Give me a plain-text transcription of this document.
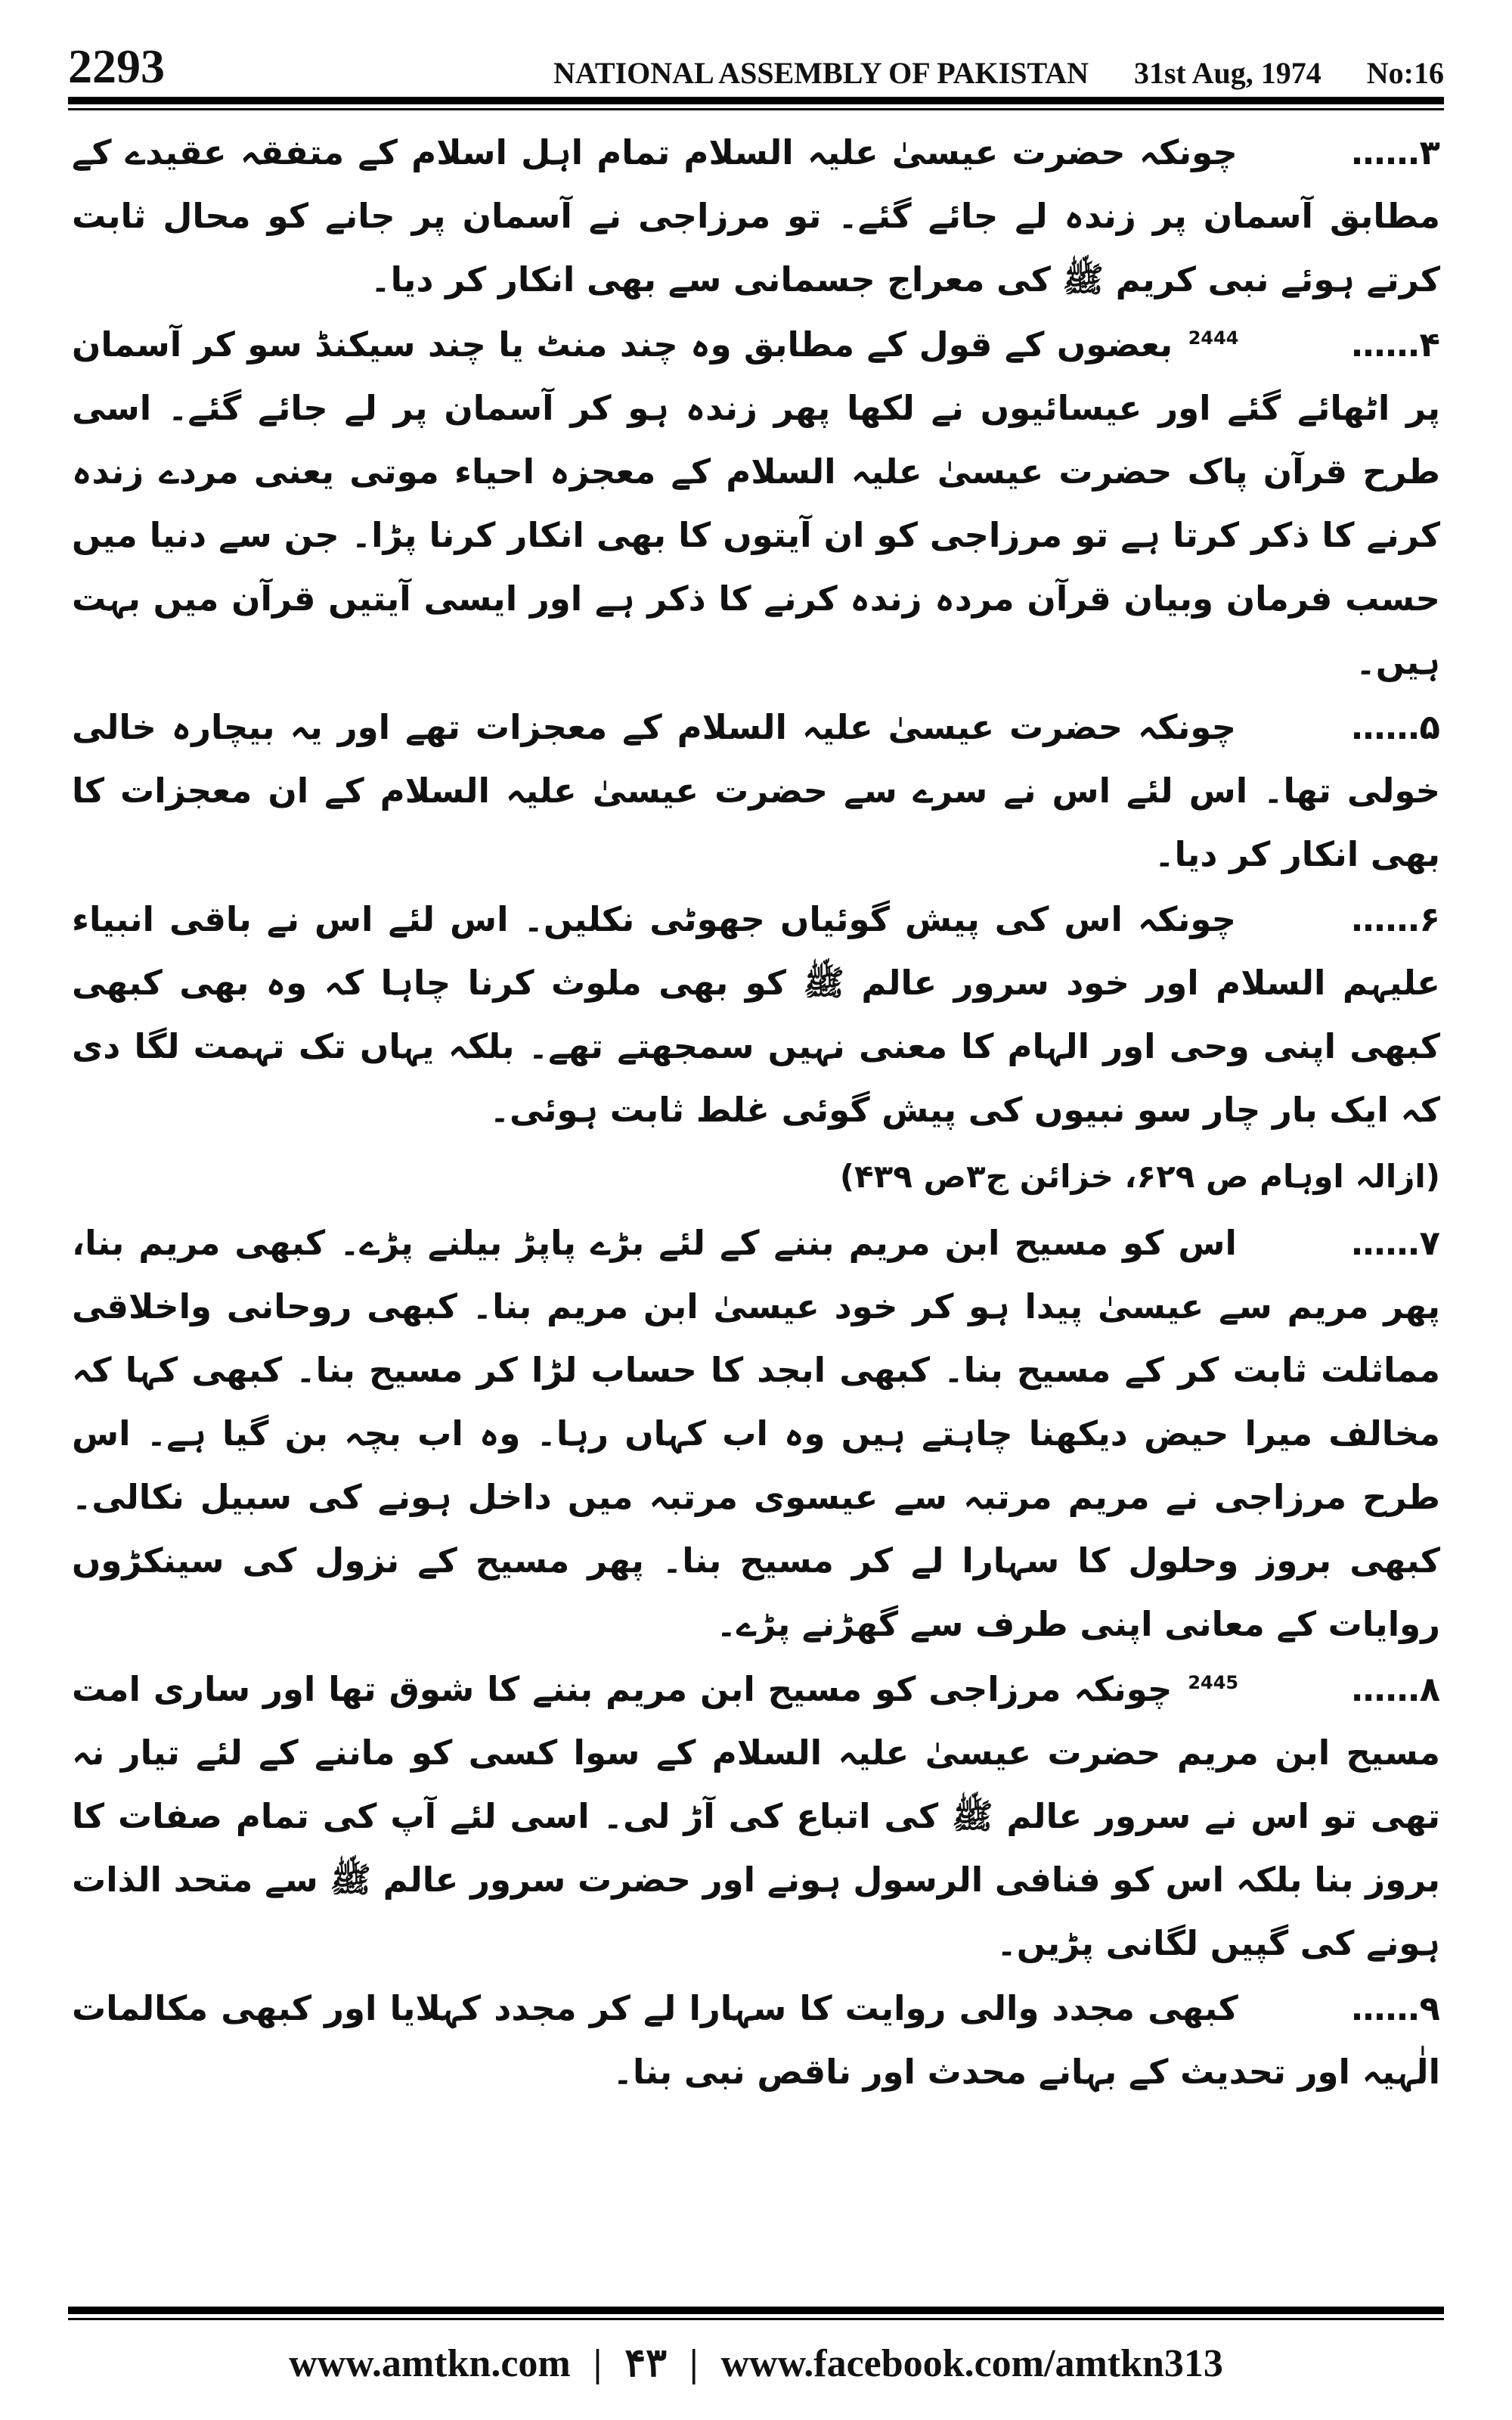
2293	NATIONAL ASSEMBLY OF PAKISTAN 31st Aug, 1974 No:16

۳…… چونکہ حضرت عیسیٰ علیہ السلام تمام اہل اسلام کے متفقہ عقیدے کے مطابق آسمان پر زندہ لے جائے گئے۔ تو مرزاجی نے آسمان پر جانے کو محال ثابت کرتے ہوئے نبی کریم ﷺ کی معراج جسمانی سے بھی انکار کر دیا۔

۴…… $^{2444}$ بعضوں کے قول کے مطابق وہ چند منٹ یا چند سیکنڈ سو کر آسمان پر اٹھائے گئے اور عیسائیوں نے لکھا پھر زندہ ہو کر آسمان پر لے جائے گئے۔ اسی طرح قرآن پاک حضرت عیسیٰ علیہ السلام کے معجزہ احیاء موتی یعنی مردے زندہ کرنے کا ذکر کرتا ہے تو مرزاجی کو ان آیتوں کا بھی انکار کرنا پڑا۔ جن سے دنیا میں حسب فرمان وبیان قرآن مردہ زندہ کرنے کا ذکر ہے اور ایسی آیتیں قرآن میں بہت ہیں۔

۵…… چونکہ حضرت عیسیٰ علیہ السلام کے معجزات تھے اور یہ بیچارہ خالی خولی تھا۔ اس لئے اس نے سرے سے حضرت عیسیٰ علیہ السلام کے ان معجزات کا بھی انکار کر دیا۔

۶…… چونکہ اس کی پیش گوئیاں جھوٹی نکلیں۔ اس لئے اس نے باقی انبیاء علیہم السلام اور خود سرور عالم ﷺ کو بھی ملوث کرنا چاہا کہ وہ بھی کبھی کبھی اپنی وحی اور الہام کا معنی نہیں سمجھتے تھے۔ بلکہ یہاں تک تہمت لگا دی کہ ایک بار چار سو نبیوں کی پیش گوئی غلط ثابت ہوئی۔

(ازالہ اوہام ص ۶۲۹، خزائن ج۳ص ۴۳۹)

۷…… اس کو مسیح ابن مریم بننے کے لئے بڑے پاپڑ بیلنے پڑے۔ کبھی مریم بنا، پھر مریم سے عیسیٰ پیدا ہو کر خود عیسیٰ ابن مریم بنا۔ کبھی روحانی واخلاقی مماثلت ثابت کر کے مسیح بنا۔ کبھی ابجد کا حساب لڑا کر مسیح بنا۔ کبھی کہا کہ مخالف میرا حیض دیکھنا چاہتے ہیں وہ اب کہاں رہا۔ وہ اب بچہ بن گیا ہے۔ اس طرح مرزاجی نے مریم مرتبہ سے عیسوی مرتبہ میں داخل ہونے کی سبیل نکالی۔ کبھی بروز وحلول کا سہارا لے کر مسیح بنا۔ پھر مسیح کے نزول کی سینکڑوں روایات کے معانی اپنی طرف سے گھڑنے پڑے۔

۸…… $^{2445}$ چونکہ مرزاجی کو مسیح ابن مریم بننے کا شوق تھا اور ساری امت مسیح ابن مریم حضرت عیسیٰ علیہ السلام کے سوا کسی کو ماننے کے لئے تیار نہ تھی تو اس نے سرور عالم ﷺ کی اتباع کی آڑ لی۔ اسی لئے آپ کی تمام صفات کا بروز بنا بلکہ اس کو فنافی الرسول ہونے اور حضرت سرور عالم ﷺ سے متحد الذات ہونے کی گپیں لگانی پڑیں۔

۹…… کبھی مجدد والی روایت کا سہارا لے کر مجدد کہلایا اور کبھی مکالمات الٰہیہ اور تحدیث کے بہانے محدث اور ناقص نبی بنا۔

www.amtkn.com | ۴۳ | www.facebook.com/amtkn313
